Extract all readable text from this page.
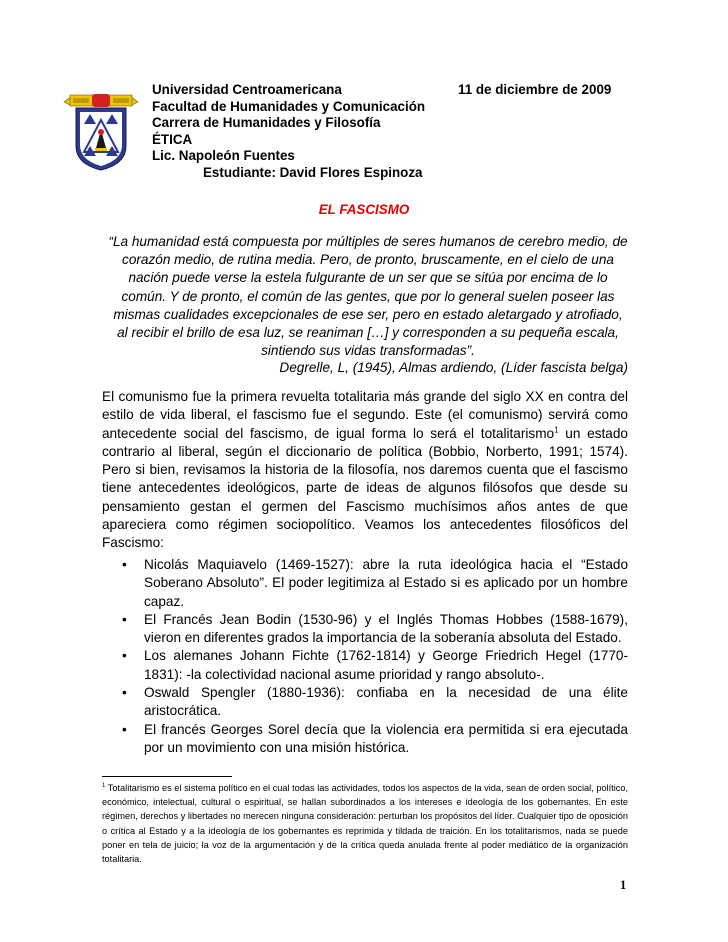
Universidad Centroamericana
Facultad de Humanidades y Comunicación
Carrera de Humanidades y Filosofía
ÉTICA
Lic. Napoleón Fuentes
Estudiante: David Flores Espinoza
11 de diciembre de 2009
EL FASCISMO
“La humanidad está compuesta por múltiples de seres humanos de cerebro medio, de corazón medio, de rutina media. Pero, de pronto, bruscamente, en el cielo de una nación puede verse la estela fulgurante de un ser que se sitúa por encima de lo común. Y de pronto, el común de las gentes, que por lo general suelen poseer las mismas cualidades excepcionales de ese ser, pero en estado aletargado y atrofiado, al recibir el brillo de esa luz, se reaniman […] y corresponden a su pequeña escala, sintiendo sus vidas transformadas”.
Degrelle, L, (1945), Almas ardiendo, (Líder fascista belga)

El comunismo fue la primera revuelta totalitaria más grande del siglo XX en contra del estilo de vida liberal, el fascismo fue el segundo. Este (el comunismo) servirá como antecedente social del fascismo, de igual forma lo será el totalitarismo$^1$ un estado contrario al liberal, según el diccionario de política (Bobbio, Norberto, 1991; 1574). Pero si bien, revisamos la historia de la filosofía, nos daremos cuenta que el fascismo tiene antecedentes ideológicos, parte de ideas de algunos filósofos que desde su pensamiento gestan el germen del Fascismo muchísimos años antes de que apareciera como régimen sociopolítico. Veamos los antecedentes filosóficos del Fascismo:

• Nicolás Maquiavelo (1469-1527): abre la ruta ideológica hacia el “Estado Soberano Absoluto”. El poder legitimiza al Estado si es aplicado por un hombre capaz.
• El Francés Jean Bodin (1530-96) y el Inglés Thomas Hobbes (1588-1679), vieron en diferentes grados la importancia de la soberanía absoluta del Estado.
• Los alemanes Johann Fichte (1762-1814) y George Friedrich Hegel (1770-1831): -la colectividad nacional asume prioridad y rango absoluto-.
• Oswald Spengler (1880-1936): confiaba en la necesidad de una élite aristocrática.
• El francés Georges Sorel decía que la violencia era permitida si era ejecutada por un movimiento con una misión histórica.

$^1$ Totalitarismo es el sistema político en el cual todas las actividades, todos los aspectos de la vida, sean de orden social, político, económico, intelectual, cultural o espiritual, se hallan subordinados a los intereses e ideología de los gobernantes. En este régimen, derechos y libertades no merecen ninguna consideración: perturban los propósitos del líder. Cualquier tipo de oposición o crítica al Estado y a la ideología de los gobernantes es reprimida y tildada de traición. En los totalitarismos, nada se puede poner en tela de juicio; la voz de la argumentación y de la crítica queda anulada frente al poder mediático de la organización totalitaria.

1
